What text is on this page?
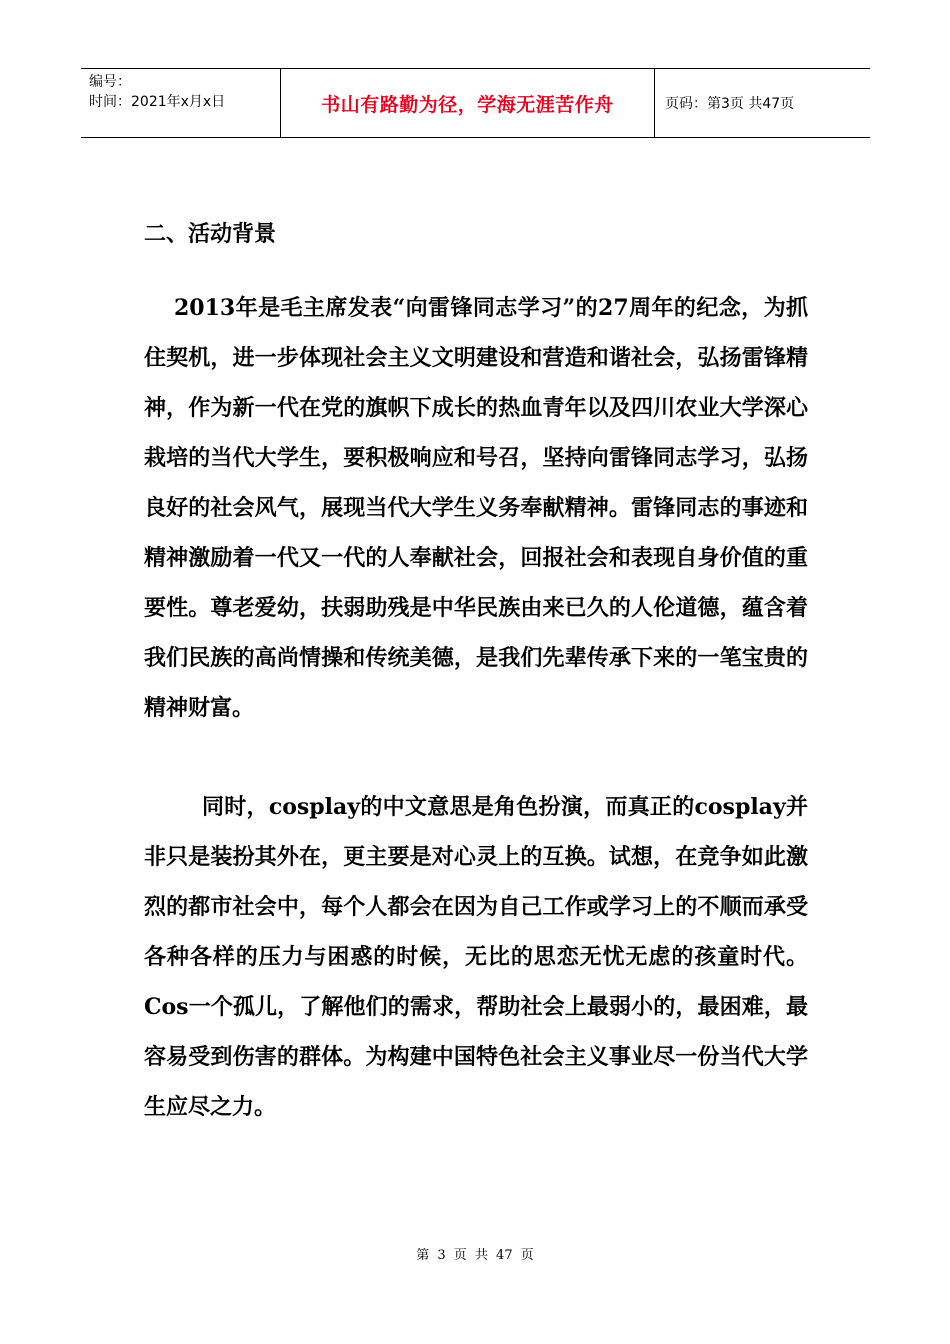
编号：
时间：2021年x月x日	书山有路勤为径，学海无涯苦作舟	页码：第3页 共47页
二、活动背景
2013年是毛主席发表“向雷锋同志学习”的27周年的纪念，为抓住契机，进一步体现社会主义文明建设和营造和谐社会，弘扬雷锋精神，作为新一代在党的旗帜下成长的热血青年以及四川农业大学深心栽培的当代大学生，要积极响应和号召，坚持向雷锋同志学习，弘扬良好的社会风气，展现当代大学生义务奉献精神。雷锋同志的事迹和精神激励着一代又一代的人奉献社会，回报社会和表现自身价值的重要性。尊老爱幼，扶弱助残是中华民族由来已久的人伦道德，蕴含着我们民族的高尚情操和传统美德，是我们先辈传承下来的一笔宝贵的精神财富。
同时，cosplay的中文意思是角色扮演，而真正的cosplay并非只是装扮其外在，更主要是对心灵上的互换。试想，在竞争如此激烈的都市社会中，每个人都会在因为自己工作或学习上的不顺而承受各种各样的压力与困惑的时候，无比的思恋无忧无虑的孩童时代。Cos一个孤儿，了解他们的需求，帮助社会上最弱小的，最困难，最容易受到伤害的群体。为构建中国特色社会主义事业尽一份当代大学生应尽之力。
第 3 页 共 47 页
